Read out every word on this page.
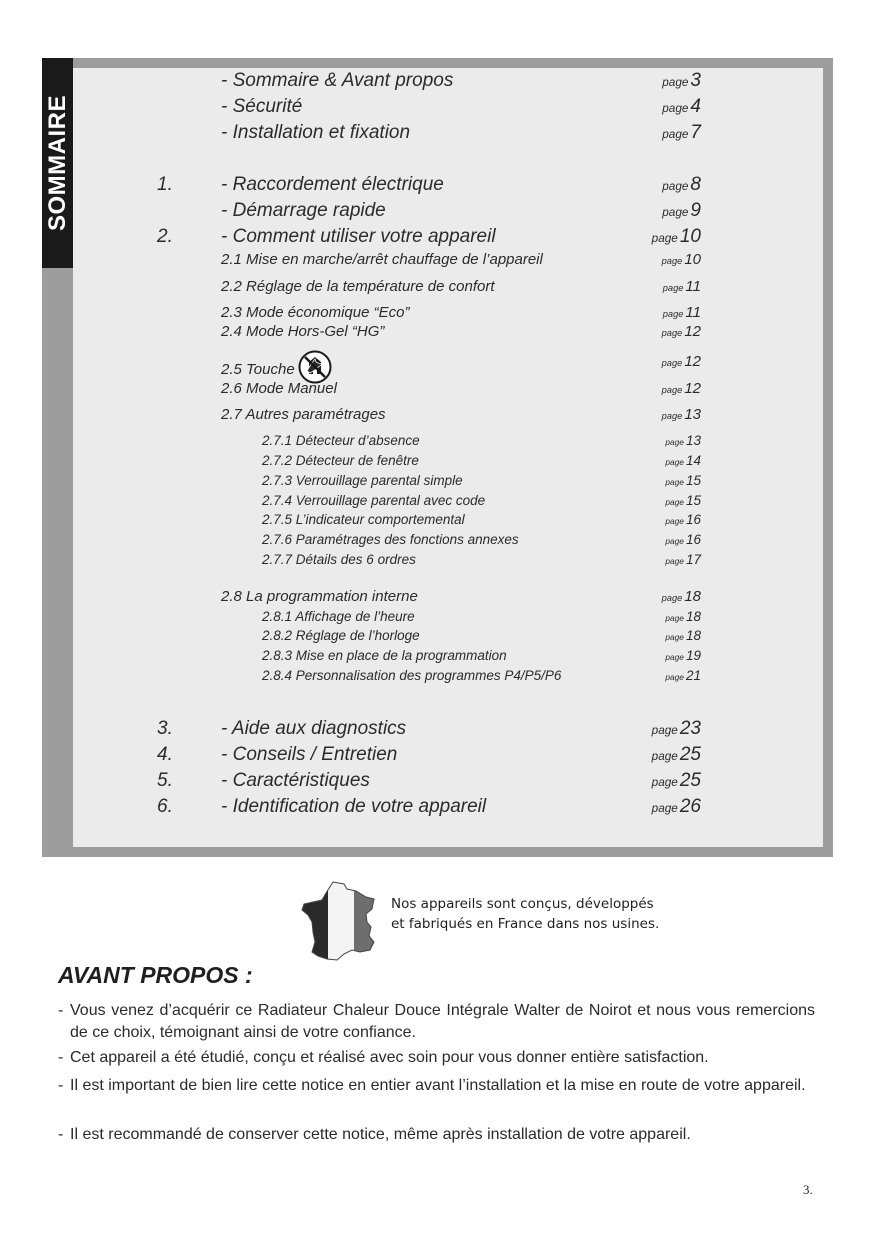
SOMMAIRE
- Sommaire & Avant propos	page 3
- Sécurité	page 4
- Installation et fixation	page 7
1.	- Raccordement électrique	page 8
- Démarrage rapide	page 9
2.	- Comment utiliser votre appareil	page 10
2.1 Mise en marche/arrêt chauffage de l’appareil	page 10
2.2 Réglage de la température de confort	page 11
2.3 Mode économique “Eco”	page 11
2.4 Mode Hors-Gel “HG”	page 12
2.5 Touche	page 12
2.6 Mode Manuel	page 12
2.7 Autres paramétrages	page 13
2.7.1 Détecteur d’absence	page 13
2.7.2 Détecteur de fenêtre	page 14
2.7.3 Verrouillage parental simple	page 15
2.7.4 Verrouillage parental avec code	page 15
2.7.5 L’indicateur comportemental	page 16
2.7.6 Paramétrages des fonctions annexes	page 16
2.7.7 Détails des 6 ordres	page 17
2.8 La programmation interne	page 18
2.8.1 Affichage de l’heure	page 18
2.8.2 Réglage de l’horloge	page 18
2.8.3 Mise en place de la programmation	page 19
2.8.4 Personnalisation des programmes P4/P5/P6	page 21
3.	- Aide aux diagnostics	page 23
4.	- Conseils / Entretien	page 25
5.	- Caractéristiques	page 25
6.	- Identification de votre appareil	page 26
Nos appareils sont conçus, développés
et fabriqués en France dans nos usines.
AVANT PROPOS :
- Vous venez d’acquérir ce Radiateur Chaleur Douce Intégrale Walter de Noirot et nous vous remercions de ce choix, témoignant ainsi de votre confiance.
- Cet appareil a été étudié, conçu et réalisé avec soin pour vous donner entière satisfaction.
- Il est important de bien lire cette notice en entier avant l’installation et la mise en route de votre appareil.
- Il est recommandé de conserver cette notice, même après installation de votre appareil.
3.
